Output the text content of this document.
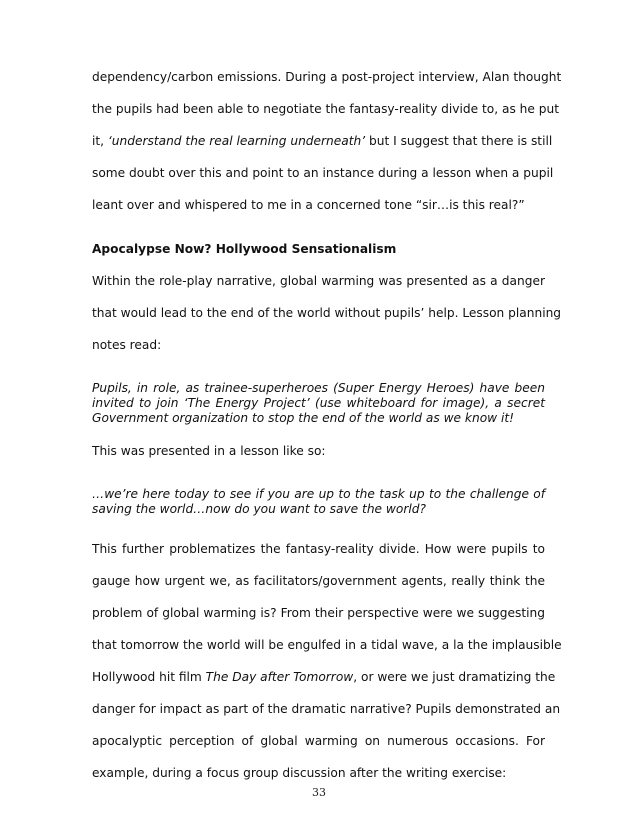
dependency/carbon emissions. During a post-project interview, Alan thought
the pupils had been able to negotiate the fantasy-reality divide to, as he put
it, ‘understand the real learning underneath’ but I suggest that there is still
some doubt over this and point to an instance during a lesson when a pupil
leant over and whispered to me in a concerned tone “sir…is this real?”
Apocalypse Now? Hollywood Sensationalism
Within the role-play narrative, global warming was presented as a danger
that would lead to the end of the world without pupils’ help. Lesson planning
notes read:
Pupils, in role, as trainee-superheroes (Super Energy Heroes) have been
invited to join ‘The Energy Project’ (use whiteboard for image), a secret
Government organization to stop the end of the world as we know it!
This was presented in a lesson like so:
…we’re here today to see if you are up to the task up to the challenge of
saving the world…now do you want to save the world?
This further problematizes the fantasy-reality divide. How were pupils to
gauge how urgent we, as facilitators/government agents, really think the
problem of global warming is? From their perspective were we suggesting
that tomorrow the world will be engulfed in a tidal wave, a la the implausible
Hollywood hit film The Day after Tomorrow, or were we just dramatizing the
danger for impact as part of the dramatic narrative? Pupils demonstrated an
apocalyptic perception of global warming on numerous occasions. For
example, during a focus group discussion after the writing exercise:
33
